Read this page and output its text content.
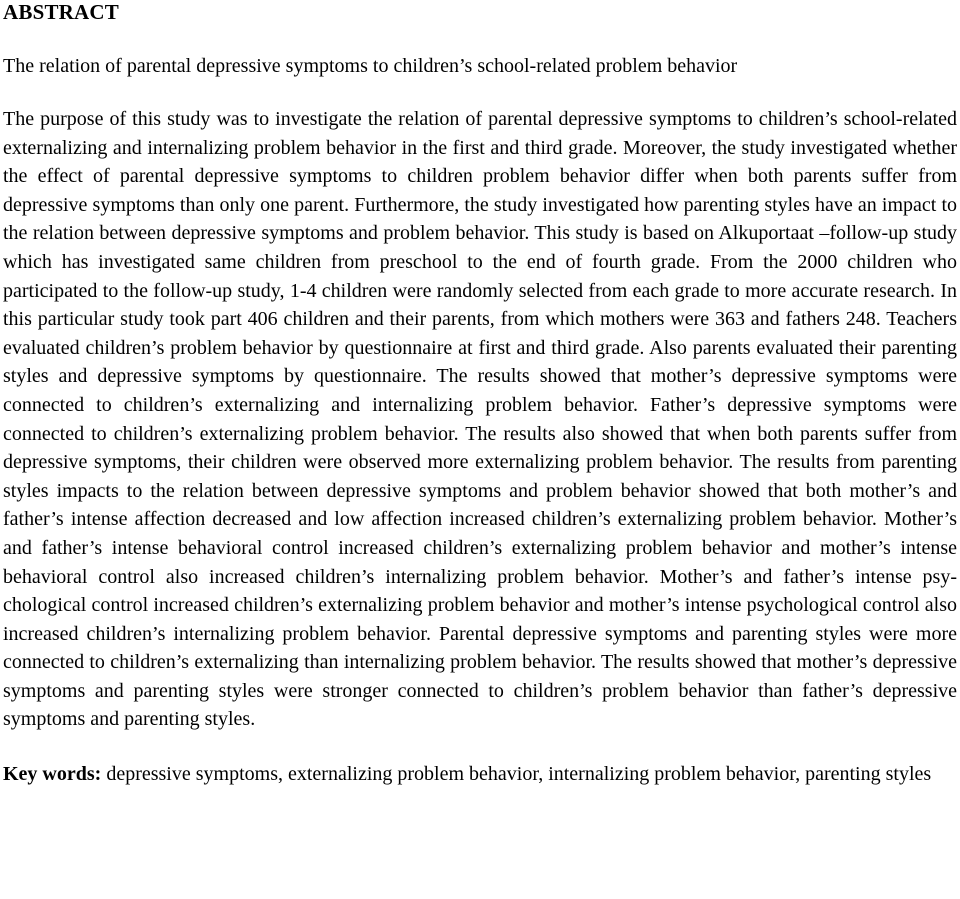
ABSTRACT

The relation of parental depressive symptoms to children’s school-related problem behavior

The purpose of this study was to investigate the relation of parental depressive symptoms to children’s school-related externalizing and internalizing problem behavior in the first and third grade. Moreover, the study investigated whether the effect of parental depressive symptoms to children problem behavior differ when both parents suffer from depressive symptoms than only one parent. Furthermore, the study investigated how parenting styles have an impact to the relation between depressive symptoms and problem behavior. This study is based on Alkuportaat –follow-up study which has investigated same children from preschool to the end of fourth grade. From the 2000 children who participated to the follow-up study, 1-4 children were randomly selected from each grade to more accurate research. In this particular study took part 406 children and their parents, from which mothers were 363 and fathers 248. Teachers evaluated children’s problem behavior by questionnaire at first and third grade. Also parents evaluated their parenting styles and depressive symptoms by questionnaire. The results showed that mother’s depressive symptoms were connected to children’s externalizing and internalizing problem behavior. Father’s depressive symptoms were connected to children’s externalizing problem behavior. The results also showed that when both parents suffer from depressive symptoms, their children were observed more externalizing problem behavior. The results from parenting styles impacts to the relation between depressive symptoms and problem behavior showed that both mother’s and father’s intense affection decreased and low affection increased children’s externalizing problem behavior. Mother’s and father’s intense behavioral control increased children’s externalizing problem behavior and mother’s intense behavioral control also increased children’s internalizing problem behavior. Mother’s and father’s intense psychological control increased children’s externalizing problem behavior and mother’s intense psychological control also increased children’s internalizing problem behavior. Parental depressive symptoms and parenting styles were more connected to children’s externalizing than internalizing problem behavior. The results showed that mother’s depressive symptoms and parenting styles were stronger connected to children’s problem behavior than father’s depressive symptoms and parenting styles.

Key words: depressive symptoms, externalizing problem behavior, internalizing problem behavior, parenting styles
